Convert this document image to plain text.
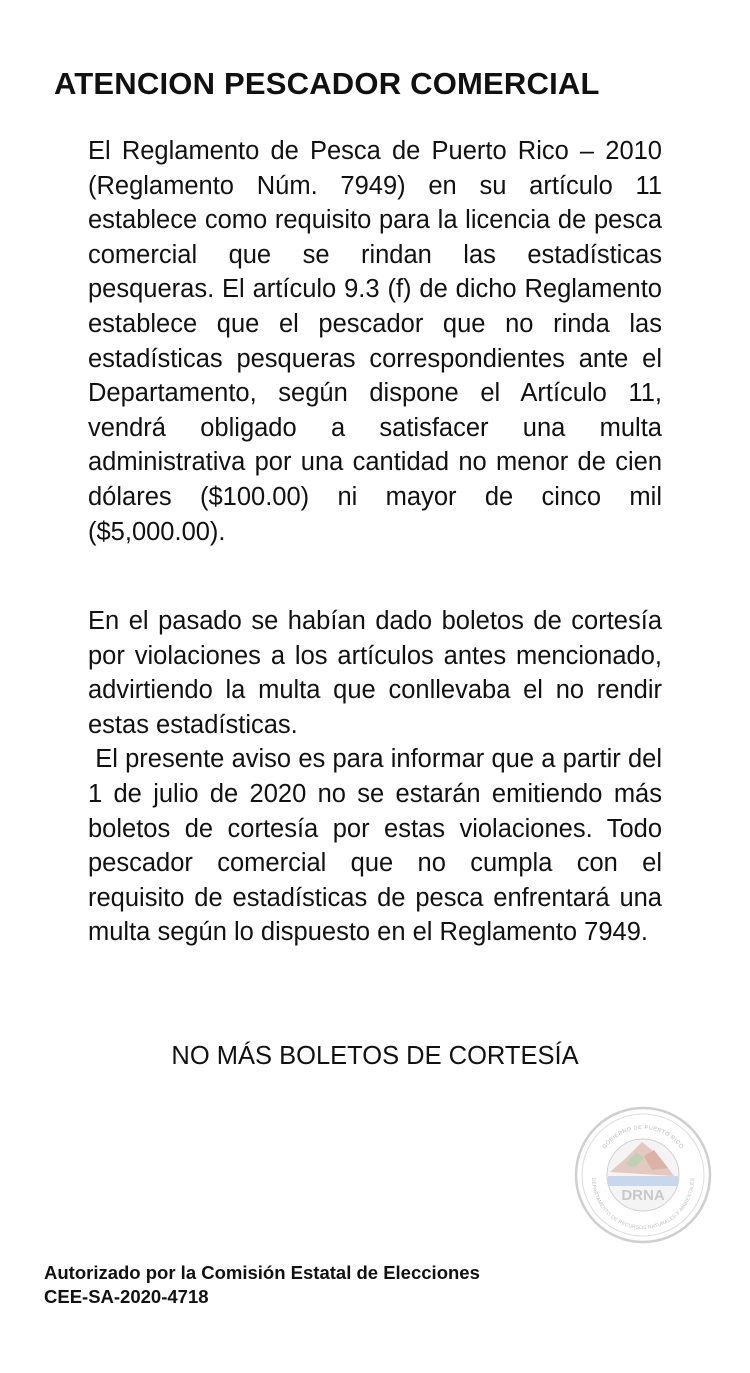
ATENCION PESCADOR COMERCIAL

El Reglamento de Pesca de Puerto Rico – 2010 (Reglamento Núm. 7949) en su artículo 11 establece como requisito para la licencia de pesca comercial que se rindan las estadísticas pesqueras. El artículo 9.3 (f) de dicho Reglamento establece que el pescador que no rinda las estadísticas pesqueras correspondientes ante el Departamento, según dispone el Artículo 11, vendrá obligado a satisfacer una multa administrativa por una cantidad no menor de cien dólares ($100.00) ni mayor de cinco mil ($5,000.00).

En el pasado se habían dado boletos de cortesía por violaciones a los artículos antes mencionado, advirtiendo la multa que conllevaba el no rendir estas estadísticas.
El presente aviso es para informar que a partir del 1 de julio de 2020 no se estarán emitiendo más boletos de cortesía por estas violaciones. Todo pescador comercial que no cumpla con el requisito de estadísticas de pesca enfrentará una multa según lo dispuesto en el Reglamento 7949.

NO MÁS BOLETOS DE CORTESÍA

DRNA
GOBIERNO DE PUERTO RICO
DEPARTAMENTO DE RECURSOS NATURALES Y AMBIENTALES
Autorizado por la Comisión Estatal de Elecciones
CEE-SA-2020-4718
